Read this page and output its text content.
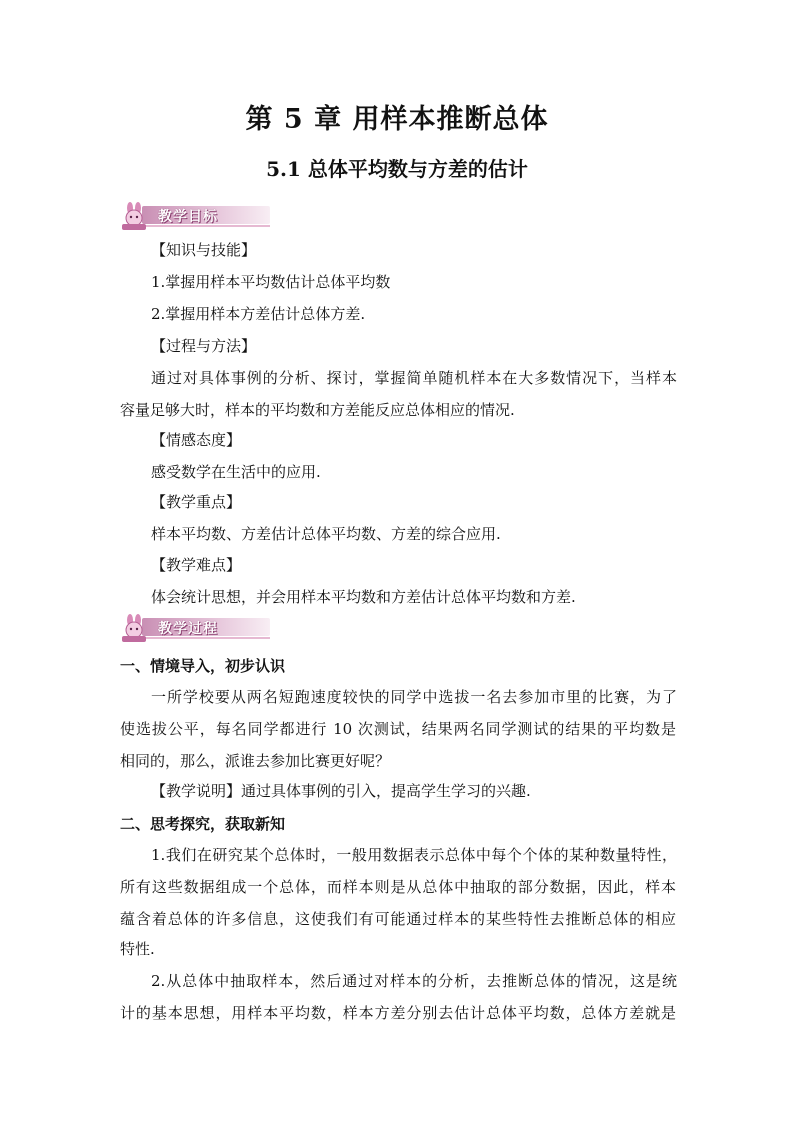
第 5 章 用样本推断总体
5.1 总体平均数与方差的估计
教学目标
【知识与技能】
1.掌握用样本平均数估计总体平均数
2.掌握用样本方差估计总体方差.
【过程与方法】
通过对具体事例的分析、探讨，掌握简单随机样本在大多数情况下，当样本
容量足够大时，样本的平均数和方差能反应总体相应的情况.
【情感态度】
感受数学在生活中的应用.
【教学重点】
样本平均数、方差估计总体平均数、方差的综合应用.
【教学难点】
体会统计思想，并会用样本平均数和方差估计总体平均数和方差.
教学过程
一、情境导入，初步认识
一所学校要从两名短跑速度较快的同学中选拔一名去参加市里的比赛，为了
使选拔公平，每名同学都进行 10 次测试，结果两名同学测试的结果的平均数是
相同的，那么，派谁去参加比赛更好呢？
【教学说明】通过具体事例的引入，提高学生学习的兴趣.
二、思考探究，获取新知
1.我们在研究某个总体时，一般用数据表示总体中每个个体的某种数量特性，
所有这些数据组成一个总体，而样本则是从总体中抽取的部分数据，因此，样本
蕴含着总体的许多信息，这使我们有可能通过样本的某些特性去推断总体的相应
特性.
2.从总体中抽取样本，然后通过对样本的分析，去推断总体的情况，这是统
计的基本思想，用样本平均数，样本方差分别去估计总体平均数，总体方差就是
